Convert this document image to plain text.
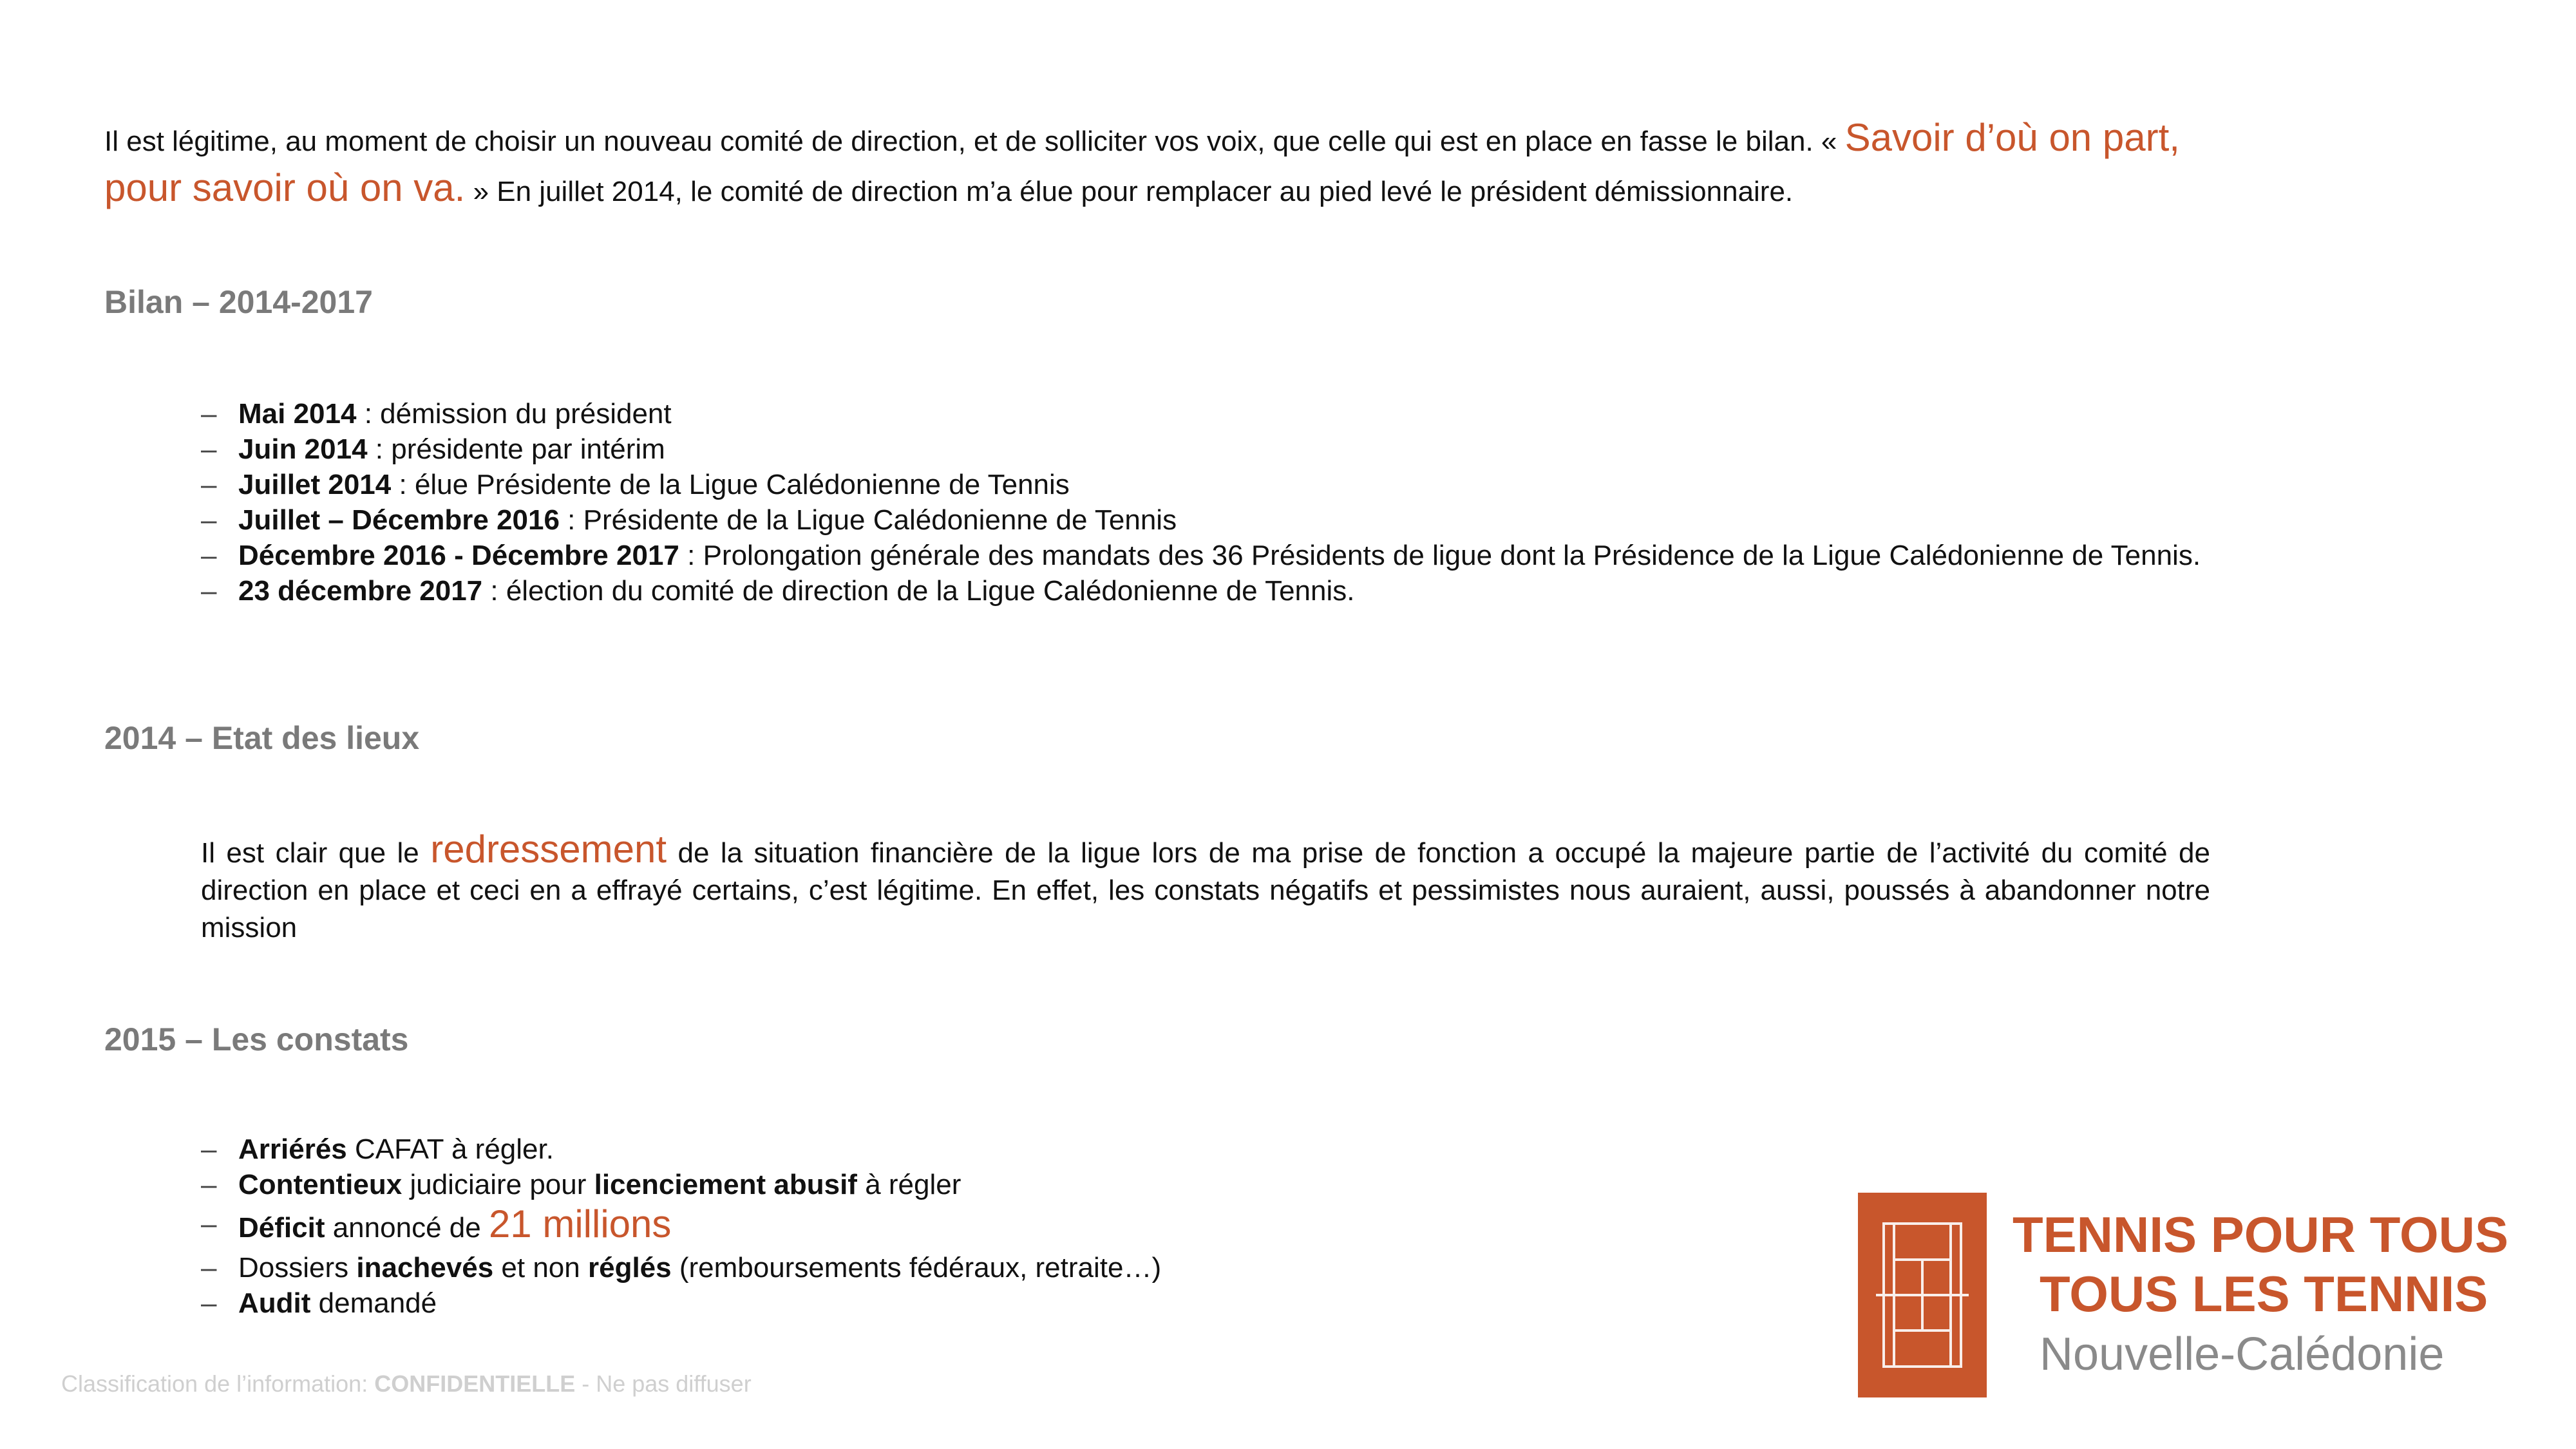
Il est légitime, au moment de choisir un nouveau comité de direction, et de solliciter vos voix, que celle qui est en place en fasse le bilan. « Savoir d’où on part, pour savoir où on va. » En juillet 2014, le comité de direction m’a élue pour remplacer au pied levé le président démissionnaire.

Bilan – 2014-2017
– Mai 2014 : démission du président
– Juin 2014 : présidente par intérim
– Juillet 2014 : élue Présidente de la Ligue Calédonienne de Tennis
– Juillet – Décembre 2016 : Présidente de la Ligue Calédonienne de Tennis
– Décembre 2016 - Décembre 2017 : Prolongation générale des mandats des 36 Présidents de ligue dont la Présidence de la Ligue Calédonienne de Tennis.
– 23 décembre 2017 : élection du comité de direction de la Ligue Calédonienne de Tennis.
2014 – Etat des lieux

Il est clair que le redressement de la situation financière de la ligue lors de ma prise de fonction a occupé la majeure partie de l’activité du comité de direction en place et ceci en a effrayé certains, c’est légitime. En effet, les constats négatifs et pessimistes nous auraient, aussi, poussés à abandonner notre mission

2015 – Les constats
– Arriérés CAFAT à régler.
– Contentieux judiciaire pour licenciement abusif à régler
– Déficit annoncé de 21 millions
– Dossiers inachevés et non réglés (remboursements fédéraux, retraite…)
– Audit demandé
Classification de l’information: CONFIDENTIELLE - Ne pas diffuser
TENNIS POUR TOUS
TOUS LES TENNIS
Nouvelle-Calédonie
